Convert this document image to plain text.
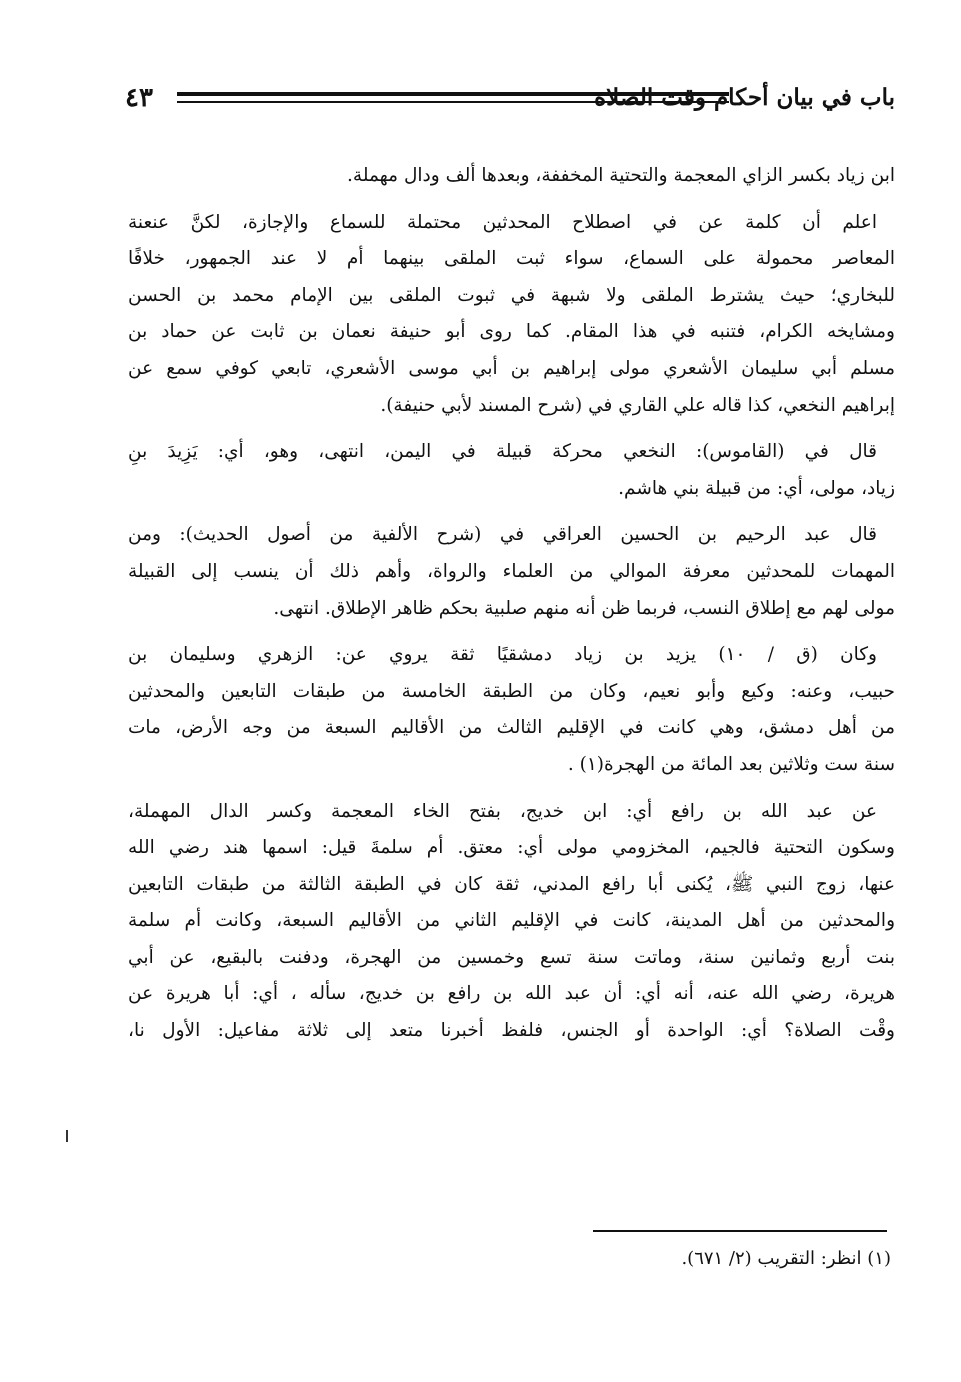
٤٣	باب في بيان أحكام وقت الصلاة
ابن زياد بكسر الزاي المعجمة والتحتية المخففة، وبعدها ألف ودال مهملة.
اعلم أن كلمة عن في اصطلاح المحدثين محتملة للسماع والإجازة، لكنَّ عنعنة
المعاصر محمولة على السماع، سواء ثبت الملقى بينهما أم لا عند الجمهور، خلافًا
للبخاري؛ حيث يشترط الملقى ولا شبهة في ثبوت الملقى بين الإمام محمد بن الحسن
ومشايخه الكرام، فتنبه في هذا المقام. كما روى أبو حنيفة نعمان بن ثابت عن حماد بن
مسلم أبي سليمان الأشعري مولى إبراهيم بن أبي موسى الأشعري، تابعي كوفي سمع عن
إبراهيم النخعي، كذا قاله علي القاري في (شرح المسند لأبي حنيفة).
قال في (القاموس): النخعي محركة قبيلة في اليمن، انتهى، وهو، أي: يَزِيدَ بنِ
زياد، مولى، أي: من قبيلة بني هاشم.
قال عبد الرحيم بن الحسين العراقي في (شرح الألفية من أصول الحديث): ومن
المهمات للمحدثين معرفة الموالي من العلماء والرواة، وأهم ذلك أن ينسب إلى القبيلة
مولى لهم مع إطلاق النسب، فربما ظن أنه منهم صلبية بحكم ظاهر الإطلاق. انتهى.
وكان (ق / ١٠) يزيد بن زياد دمشقيًا ثقة يروي عن: الزهري وسليمان بن
حبيب، وعنه: وكيع وأبو نعيم، وكان من الطبقة الخامسة من طبقات التابعين والمحدثين
من أهل دمشق، وهي كانت في الإقليم الثالث من الأقاليم السبعة من وجه الأرض، مات
سنة ست وثلاثين بعد المائة من الهجرة(١) .
عن عبد الله بن رافع أي: ابن خديج، بفتح الخاء المعجمة وكسر الدال المهملة،
وسكون التحتية فالجيم، المخزومي مولى أي: معتق. أم سلمةَ قيل: اسمها هند رضي الله
عنها، زوج النبي ﷺ، يُكنى أبا رافع المدني، ثقة كان في الطبقة الثالثة من طبقات التابعين
والمحدثين من أهل المدينة، كانت في الإقليم الثاني من الأقاليم السبعة، وكانت أم سلمة
بنت أربع وثمانين سنة، وماتت سنة تسع وخمسين من الهجرة، ودفنت بالبقيع، عن أبي
هريرة، رضي الله عنه، أنه أي: أن عبد الله بن رافع بن خديج، سأله ، أي: أبا هريرة عن
وقْت الصلاة؟ أي: الواحدة أو الجنس، فلفظ أخبرنا متعد إلى ثلاثة مفاعيل: الأول نا،
(١) انظر: التقريب (٢/ ٦٧١).
